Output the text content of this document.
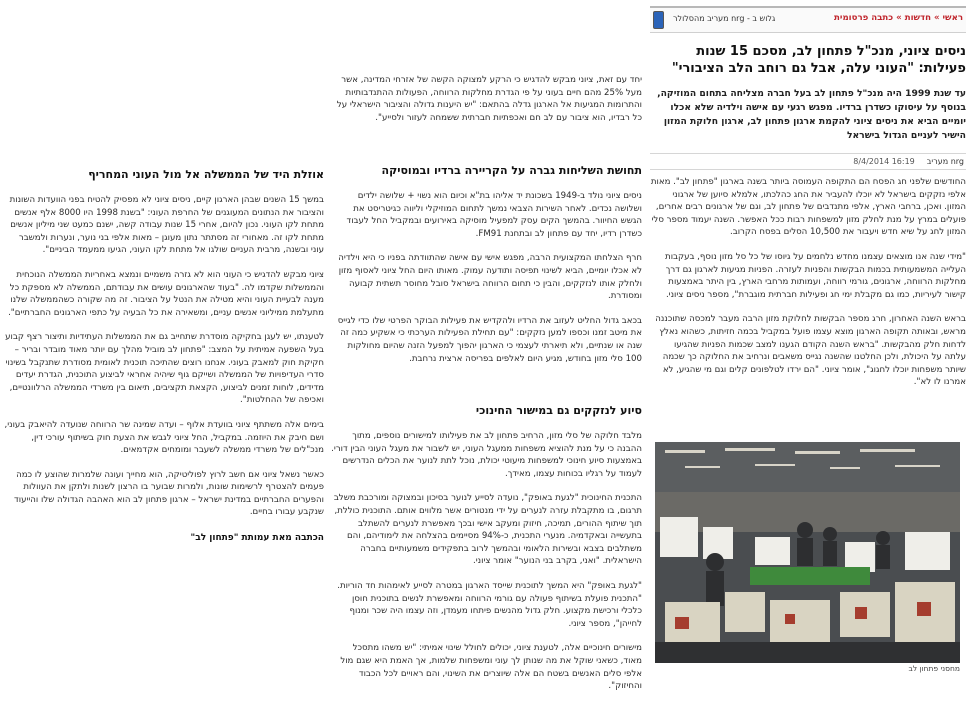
ראשי » חדשות » כתבה פרסומית
גלוש ב - nrg מעריב מהסלולר
ניסים ציוני, מנכ"ל פתחון לב, מסכם 15 שנות פעילות: "העוני עלה, אבל גם רוחב הלב הציבורי"
עד שנת 1999 היה מנכ"ל פתחון לב בעל חברה מצליחה בתחום המוזיקה, בנוסף על עיסוקו כשדרן ברדיו. מפגש רגעי עם אישה וילדיה שלא אכלו יומיים הביא את ניסים ציוני להקמת ארגון פתחון לב, ארגון חלוקת המזון הישיר לעניים הגדול בישראל
nrg מעריב
16:19 8/4/2014

החודשים שלפני חג הפסח הם התקופה העמוסה ביותר בשנה בארגון "פתחון לב". מאות אלפי נזקקים בישראל לא יוכלו להעביר את החג כהלכתו, אלמלא סיוען של ארגוני המזון. ואכן, ברחבי הארץ, אלפי מתנדבים של פתחון לב, וגם של ארגונים רבים אחרים, פועלים במרץ על מנת לחלק מזון למשפחות רבות ככל האפשר. השנה יעמוד מספר סלי המזון לחג על שיא חדש ויעבור את 10,500 הסלים בפסח הקרוב.

"מידי שנה אנו מוצאים עצמנו מחדש נלחמים על גיוסו של כל סל מזון נוסף, בעקבות העלייה המשמעותית בכמות הבקשות והפניות לעזרה. הפניות מגיעות לארגון גם דרך מחלקות הרווחה, ארגונים, גורמי רווחה, ועמותות מרחבי הארץ, בין היתר באמצעות קישור לעיריות, כמו גם מקבלת ימי חג ופעילות חברתית מוגברת", מספר ניסים ציוני.

בראש השנה האחרון, חרג מספר הבקשות לחלוקת מזון הרבה מעבר למכסה שתוכננה מראש, ובאותה תקופה הארגון מוצא עצמו פועל במקביל בכמה חזיתות, כשהוא נאלץ לדחות חלק מהבקשות. "בראש השנה הקודם הגענו למצב שכמות הפניות שהגיעו עלתה על היכולת, ולכן החלטנו שהשנה נגייס משאבים ונרחיב את החלוקה כך שכמה שיותר משפחות יוכלו לחגוג", אומר ציוני. "הם ירדו לטלפונים קלים וגם מי שהגיע, לא אמרנו לו לא".

מחסני פתחון לב

יחד עם זאת, ציוני מבקש להדגיש כי הרקע למצוקה הקשה של אזרחי המדינה, אשר מעל 25% מהם חיים בעוני על פי הגדרת מחלקות הרווחה, הפעולות ההתנדבותיות והתרומות המגיעות אל הארגון גדלה בהתאם: "יש היענות גדולה והציבור הישראלי על כל רבדיו, הוא ציבור עם לב חם ואכפתיות חברתית ששמחה לעזור ולסייע".

תחושת השליחות גברה על הקריירה ברדיו ובמוסיקה

ניסים ציוני נולד ב-1949 בשכונת יד אליהו בת"א וכיום הוא נשוי + שלושה ילדים ושלושה נכדים. לאחר השירות הצבאי נמשך לתחום המוזיקלי וליווה כגיטריסט את הגשש החיוור. בהמשך הקים עסק למפעיל מוסיקה באירועים ובמקביל החל לעבוד כשדרן רדיו, יחד עם פתחון לב ובתחנת FM91.

חרף הצלחתו המקצועית הרבה, מפגש אישי עם אישה שהתוודתה בפניו כי היא וילדיה לא אכלו יומיים, הביא לשינוי תפיסה ותודעה עמוק. מאותו היום החל ציוני לאסוף מזון ולחלק אותו לנזקקים, והבין כי תחום הרווחה בישראל סובל מחוסר תשתית קבועה ומסודרת.

בכאב גדול החליט לעזוב את הרדיו ולהקדיש את פעילות הבוקר הפרטי שלו כדי לגייס את מיטב זמנו וכספו למען נזקקים: "עם תחילת הפעילות הערכתי כי אשקיע כמה זה שנה או שנתיים, ולא תיארתי לעצמי כי הארגון יהפוך למפעל הזנה שהיום מחולקות 100 סלי מזון בחודש, מגיע היום לאלפים בפריסה ארצית נרחבת.

סיוע לנזקקים גם במישור החינוכי

מלבד חלוקה של סלי מזון, הרחיב פתחון לב את פעילותו למישורים נוספים, מתוך ההבנה כי על מנת להוציא משפחות ממעגל העוני, יש לשבור את מעגל העוני הבין דורי. באמצעות סיוע חינוכי למשפחות מיעוטי יכולת, נוכל לתת לנוער את הכלים הנדרשים לעמוד על רגליו בכוחות עצמו, מאידך.

התכנית החינוכית "לגעת באופק", נועדה לסייע לנוער בסיכון ובמצוקה ומורכבת משלב תרגום, בו מתקבלת עזרה לנערים על ידי מנטורים אשר מלווים אותם. התוכנית כוללת, תוך שיתוף ההורים, תמיכה, חיזוק ומעקב אישי ובכך מאפשרת לנערים להשתלב בתעשייה ובאקדמיה. מנערי התכנית, כ-94% מסיימים בהצלחה את לימודיהם, והם משתלבים בצבא ובשירות הלאומי ובהמשך לרוב בתפקידים משמעותיים בחברה הישראלית. "ואני, בקרב בני הנוער" אומר ציוני.

"לגעת באופק" היא המשך לתוכנית שייסד הארגון במטרה לסייע לאימהות חד הוריות. "התכנית פועלת בשיתוף פעולה עם גורמי הרווחה ומאפשרת לנשים בתוכנית חוסן כלכלי ורכישת מקצוע. חלק גדול מהנשים פיתחו מעמדן, וזה עצמו היה שכר ומנוף לחייהן", מספר ציוני.

מישורים חינוכיים אלה, לטענת ציוני, יכולים לחולל שינוי אמיתי: "יש משהו מתסכל מאוד, כשאני שוקל את מה שנותן לך עוני ומשפחות שלמות, אך האמת היא שגם מול אלפי סלים האנשים בשטח הם אלה שיוצרים את השינוי, והם ראויים לכל הכבוד והחיזוק".

אוזלת היד של הממשלה אל מול העוני המחריף

במשך 15 השנים שבהן הארגון קיים, ניסים ציוני לא מפסיק להטיח בפני הוועדות השונות והציבור את הנתונים המעוגנים של החרפת העוני: "בשנת 1998 היו 8000 אלף אנשים מתחת לקו העוני. נכון להיום, אחרי 15 שנות עבודה קשה, ישנם כמעט שני מיליון אנשים מתחת לקו זה. מאחורי זה מסתתר נתון מעוגן – מאות אלפי בני נוער, ונערות ולמשבר עוני ובשנה, מרבית העניים שולגו אל מתחת לקו העוני, הגיעו ממעמד הביניים".

ציוני מבקש להדגיש כי העוני הוא לא גזרה משמיים ונמצא באחריות הממשלה הנוכחית והממשלות שקדמו לה. "בעוד שהארגונים עושים את עבודתם, הממשלה לא מספקת כל מענה לבעיית העוני והיא מטילה את הנטל על הציבור. זה מה שקורה כשהממשלה שלנו מתעלמת ממיליוני אנשים עניים, ומשאירה את כל הבעיה על כתפי הארגונים החברתיים".

לטענתו, יש לעגן בחקיקה מוסדרת שתחייב גם את הממשלות העתידיות ותיצור רצף קבוע בעל השפעה אמיתית על המצב: "פתחון לב מוביל מהלך עם יותר מאוד מובדר ובריר – חקיקת חוק למאבק בעוני. אנחנו רוצים שהתיכה תוכנית לאומית מסודרת שתנקבל בשינוי סדרי העדיפויות של הממשלה ושייקם גוף שיהיה אחראי לביצוע התוכנית, הגדרת יעדים מדידים, לוחות זמנים לביצוע, הקצאת תקציבים, תיאום בין משרדי הממשלה הרלוונטיים, ואכיפה של ההחלטות".

בימים אלה משתתף ציוני בוועדת אלוף – ועדה שמינה שר הרווחה שנועדה להיאבק בעוני, ושם חיבק את היוזמה. במקביל, החל ציוני לגבש את הצעת חוק בשיתוף עורכי דין, מנכ"לים של משרדי ממשלה לשעבר ומומחים אקדמאים.

כאשר נשאל ציוני אם חשב לרוץ לפוליטיקה, הוא מחייך ועונה שלמרות שהוצע לו כמה פעמים להצטרף לרשימות שונות, ולמרות שבוער בו הרצון לשנות ולתקן את העוולות והפערים החברתיים במדינת ישראל – ארגון פתחון לב הוא האהבה הגדולה שלו והייעוד שנקבע עבורו בחיים.

הכתבה מאת עמותת "פתחון לב"
